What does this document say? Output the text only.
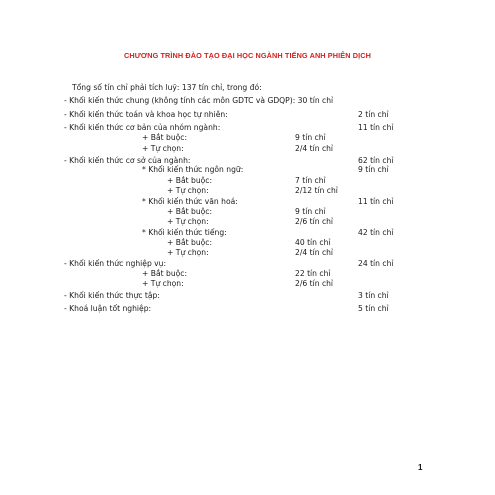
CHƯƠNG TRÌNH ĐÀO TẠO ĐẠI HỌC NGÀNH TIẾNG ANH PHIÊN DỊCH
Tổng số tín chỉ phải tích luỹ: 137 tín chỉ, trong đó:
- Khối kiến thức chung (không tính các môn GDTC và GDQP): 30 tín chỉ
- Khối kiến thức toán và khoa học tự nhiên:	2 tín chỉ
- Khối kiến thức cơ bản của nhóm ngành:	11 tín chỉ
+ Bắt buộc:	9 tín chỉ
+ Tự chọn:	2/4 tín chỉ
- Khối kiến thức cơ sở của ngành:	62 tín chỉ
* Khối kiến thức ngôn ngữ:	9 tín chỉ
+ Bắt buộc:	7 tín chỉ
+ Tự chọn:	2/12 tín chỉ
* Khối kiến thức văn hoá:	11 tín chỉ
+ Bắt buộc:	9 tín chỉ
+ Tự chọn:	2/6 tín chỉ
* Khối kiến thức tiếng:	42 tín chỉ
+ Bắt buộc:	40 tín chỉ
+ Tự chọn:	2/4 tín chỉ
- Khối kiến thức nghiệp vụ:	24 tín chỉ
+ Bắt buộc:	22 tín chỉ
+ Tự chọn:	2/6 tín chỉ
- Khối kiến thức thực tập:	3 tín chỉ
- Khoá luận tốt nghiệp:	5 tín chỉ
1
